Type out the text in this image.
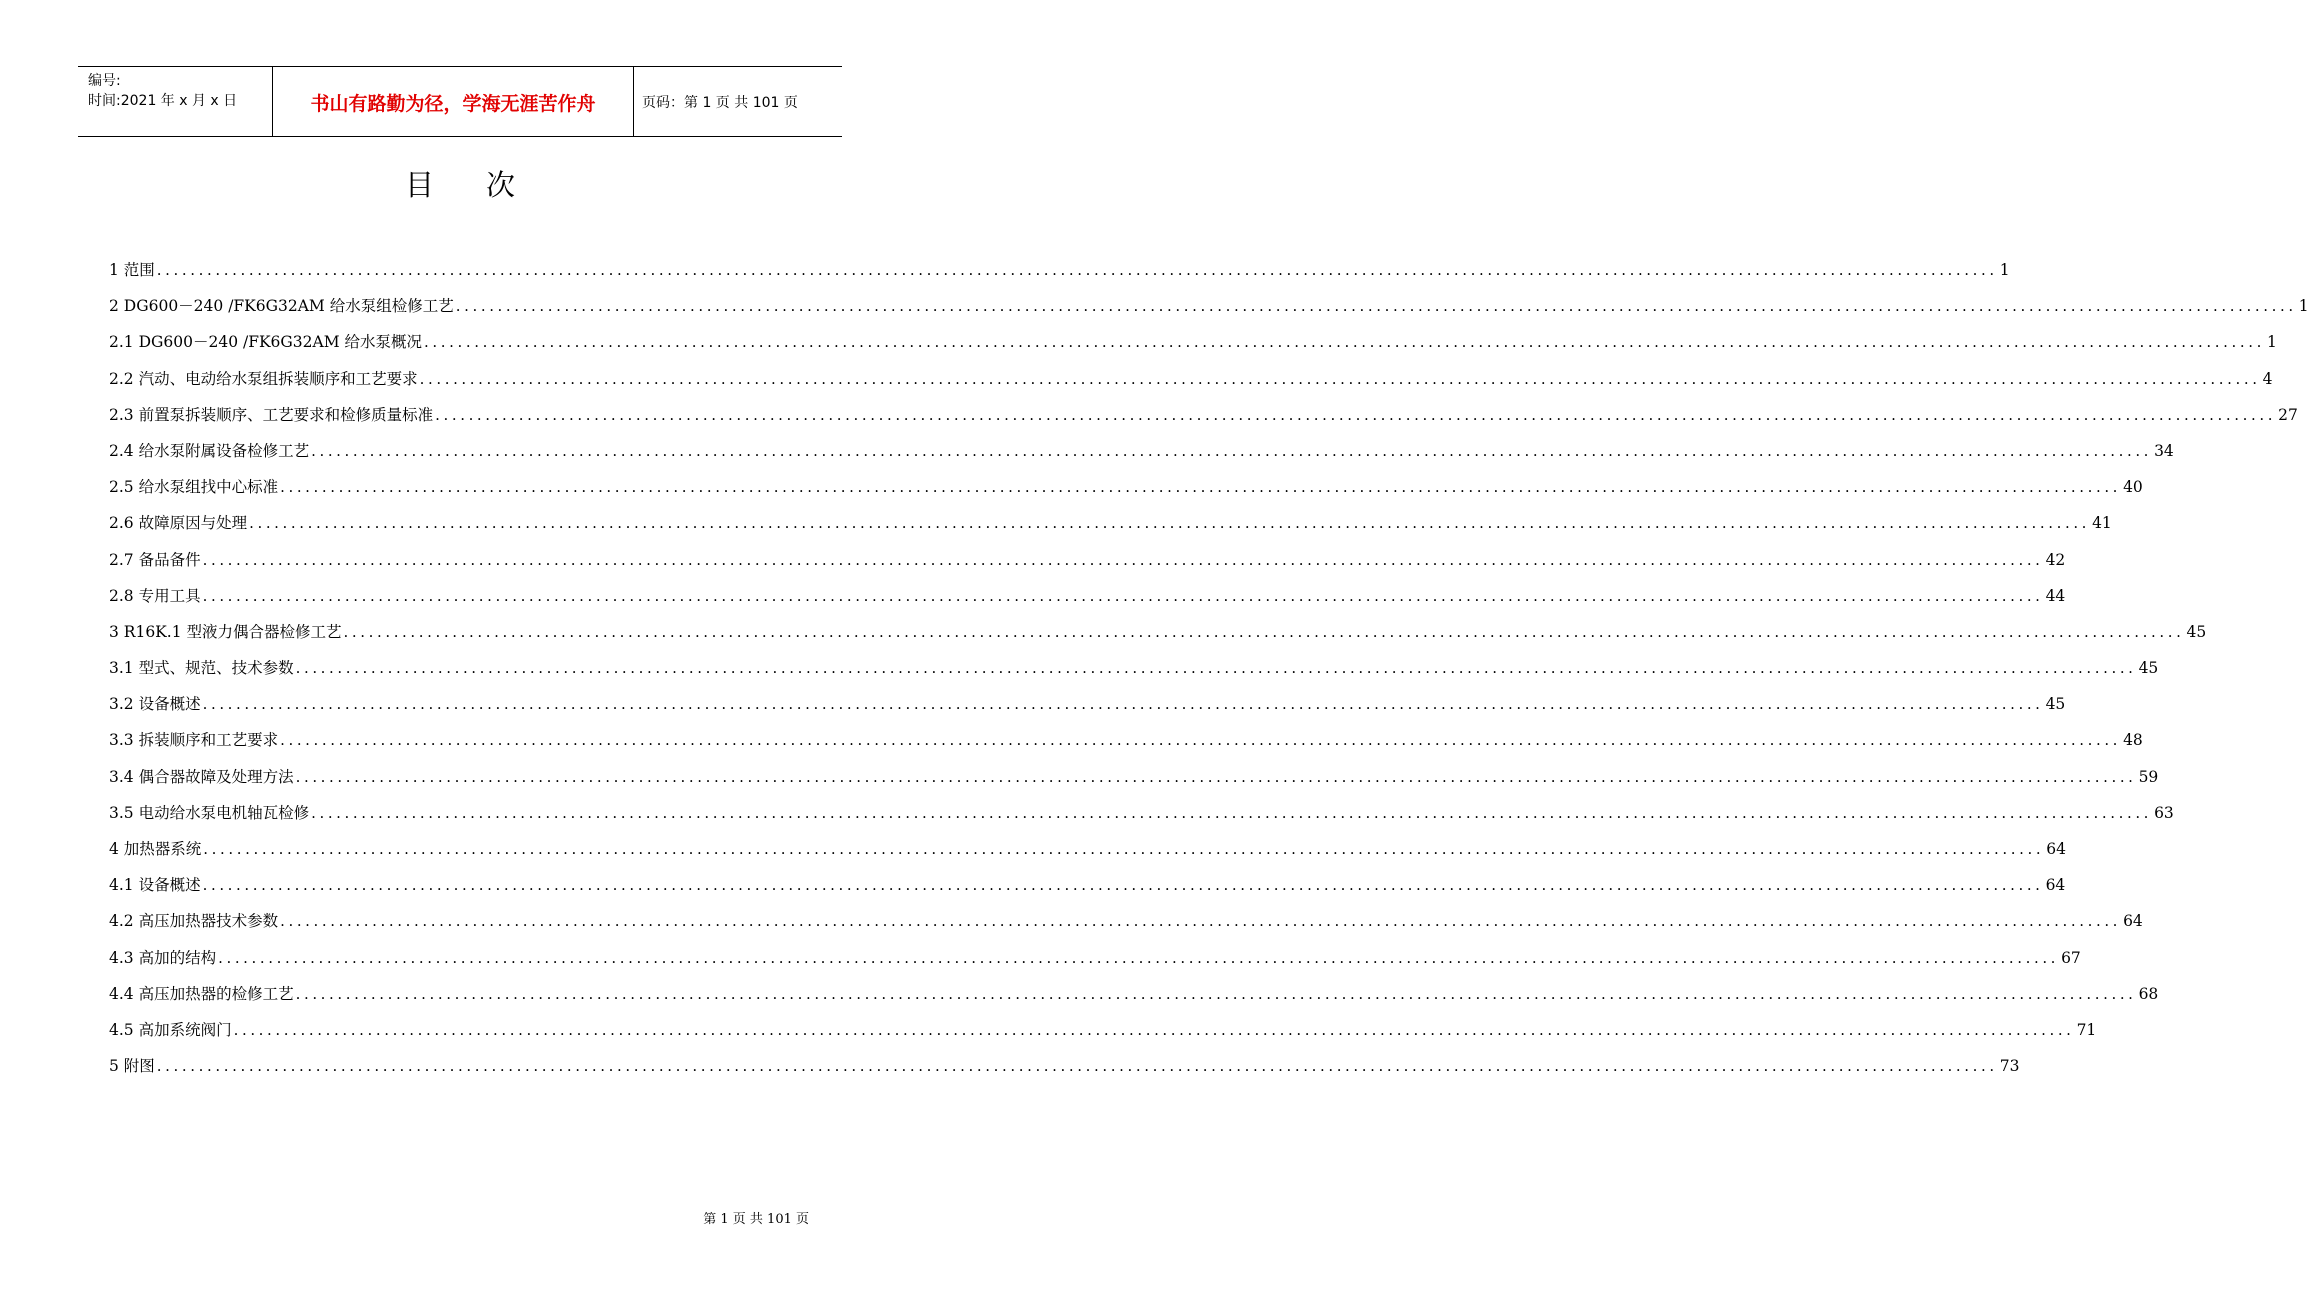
编号:
时间:2021 年 x 月 x 日	书山有路勤为径，学海无涯苦作舟	页码：第 1 页 共 101 页
目次
1 范围 ............................................................................................................................................................................................................................ 1
2 DG600－240 /FK6G32AM 给水泵组检修工艺 ............................................................................................................................................................................................................................ 1
2.1 DG600－240 /FK6G32AM 给水泵概况 ............................................................................................................................................................................................................................ 1
2.2 汽动、电动给水泵组拆装顺序和工艺要求 ............................................................................................................................................................................................................................ 4
2.3 前置泵拆装顺序、工艺要求和检修质量标准 ............................................................................................................................................................................................................................ 27
2.4 给水泵附属设备检修工艺 ............................................................................................................................................................................................................................ 34
2.5 给水泵组找中心标准 ............................................................................................................................................................................................................................ 40
2.6 故障原因与处理 ............................................................................................................................................................................................................................ 41
2.7 备品备件 ............................................................................................................................................................................................................................ 42
2.8 专用工具 ............................................................................................................................................................................................................................ 44
3 R16K.1 型液力偶合器检修工艺 ............................................................................................................................................................................................................................ 45
3.1 型式、规范、技术参数 ............................................................................................................................................................................................................................ 45
3.2 设备概述 ............................................................................................................................................................................................................................ 45
3.3 拆装顺序和工艺要求 ............................................................................................................................................................................................................................ 48
3.4 偶合器故障及处理方法 ............................................................................................................................................................................................................................ 59
3.5 电动给水泵电机轴瓦检修 ............................................................................................................................................................................................................................ 63
4 加热器系统 ............................................................................................................................................................................................................................ 64
4.1 设备概述 ............................................................................................................................................................................................................................ 64
4.2 高压加热器技术参数 ............................................................................................................................................................................................................................ 64
4.3 高加的结构 ............................................................................................................................................................................................................................ 67
4.4 高压加热器的检修工艺 ............................................................................................................................................................................................................................ 68
4.5 高加系统阀门 ............................................................................................................................................................................................................................ 71
5 附图 ............................................................................................................................................................................................................................ 73
第 1 页 共 101 页
